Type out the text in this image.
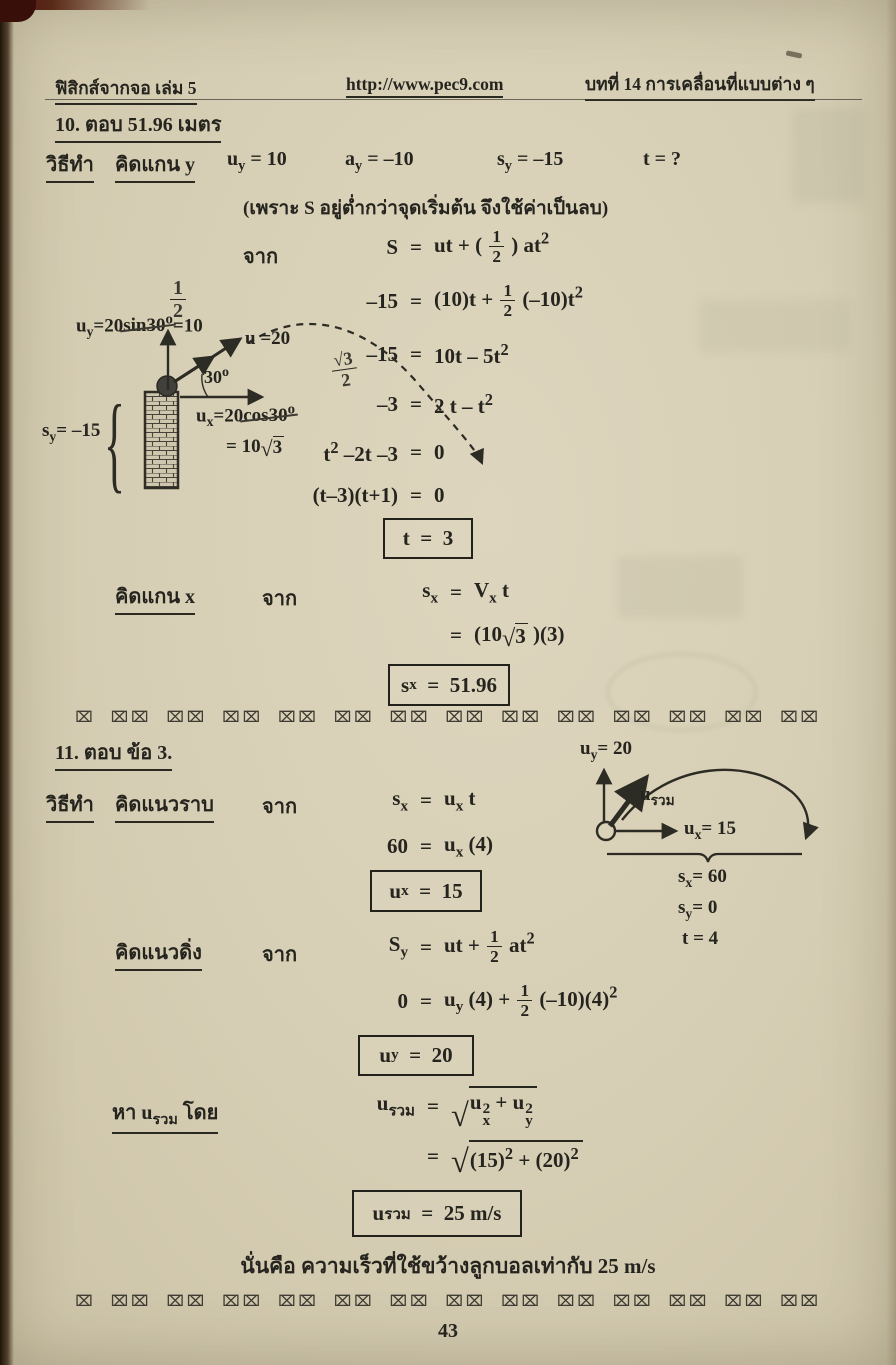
ฟิสิกส์จากจอ เล่ม 5	http://www.pec9.com	บทที่ 14 การเคลื่อนที่แบบต่าง ๆ
10. ตอบ 51.96 เมตร
วิธีทำ คิดแกน y $u_y = 10$	$a_y = -10$	$s_y = -15$	t = ?
(เพราะ S อยู่ต่ำกว่าจุดเริ่มต้น จึงใช้ค่าเป็นลบ)
จาก	S = ut + ( $\frac{1}{2}$ ) $at^2$
$-15 = (10)t + \frac{1}{2} (-10)t^2$
$-15 = 10t - 5t^2$
–3 = 2 t – $t^2$
$t^2$ –2t –3 = 0
(t–3)(t+1) = 0
t  =  3
$\frac{1}{2}$
$u_y=20\sin 30^o=10$
u =20
30$^o$	$\frac{√3}{2}$
$u_x=20\cos 30^o$
= 10 √ 3
$s_y= -15$ {
คิดแกน x	จาก	$s_x = V_x$ t
= (10 √ 3 )(3)
s x =  51.96
⌧ ⌧⌧ ⌧⌧ ⌧⌧ ⌧⌧ ⌧⌧ ⌧⌧ ⌧⌧ ⌧⌧ ⌧⌧ ⌧⌧ ⌧⌧ ⌧⌧ ⌧⌧
11. ตอบ ข้อ 3.
วิธีทำ คิดแนวราบ จาก	$s_x = u_x$ t
$60 = u_x$ (4)
u x =  15
$u_y= 20$
$u_{รวม}$
$u_x= 15$
$s_x= 60$
$s_y= 0$
t = 4
คิดแนวดิ่ง	จาก	$S_y$ = ut + $\frac{1}{2} at^2$
$0 = u_y$ $(4) + \frac{1}{2} (-10)(4)^2$
u y =  20
หา $u_{รวม}$ โดย	$u_{รวม}$ = √ u 2
x
+ u 2
y
= √ $(15)^2 + (20)^2$
u รวม =  25 m/s
นั่นคือ ความเร็วที่ใช้ขว้างลูกบอลเท่ากับ 25 m/s
⌧ ⌧⌧ ⌧⌧ ⌧⌧ ⌧⌧ ⌧⌧ ⌧⌧ ⌧⌧ ⌧⌧ ⌧⌧ ⌧⌧ ⌧⌧ ⌧⌧ ⌧⌧
43
